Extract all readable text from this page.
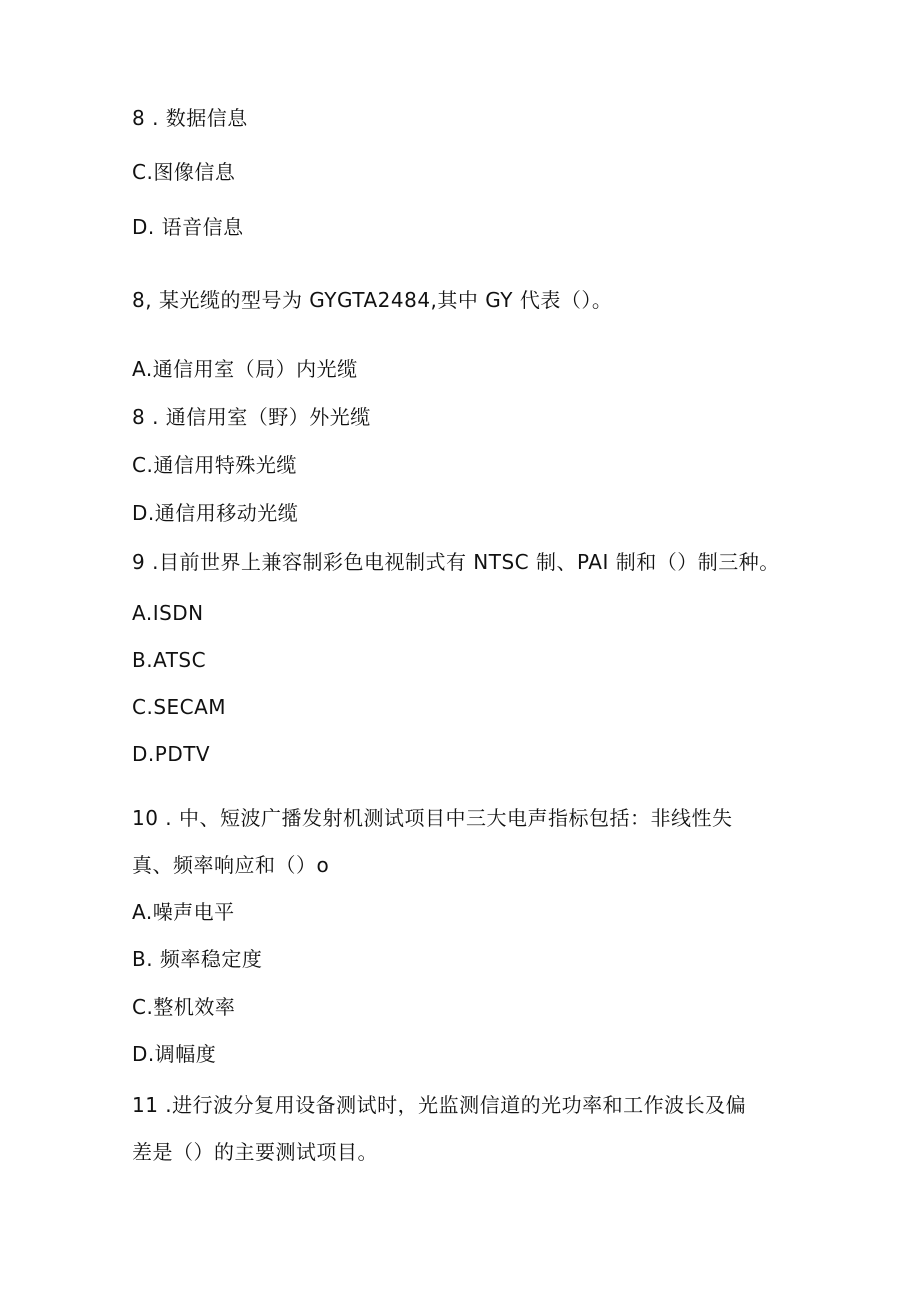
8 . 数据信息
C.图像信息
D. 语音信息
8, 某光缆的型号为 GYGTA2484,其中 GY 代表（）。
A.通信用室（局）内光缆
8 . 通信用室（野）外光缆
C.通信用特殊光缆
D.通信用移动光缆
9 .目前世界上兼容制彩色电视制式有 NTSC 制、PAI 制和（）制三种。
A.ISDN
B.ATSC
C.SECAM
D.PDTV
10 . 中、短波广播发射机测试项目中三大电声指标包括：非线性失
真、频率响应和（）o
A.噪声电平
B. 频率稳定度
C.整机效率
D.调幅度
11 .进行波分复用设备测试时，光监测信道的光功率和工作波长及偏
差是（）的主要测试项目。
